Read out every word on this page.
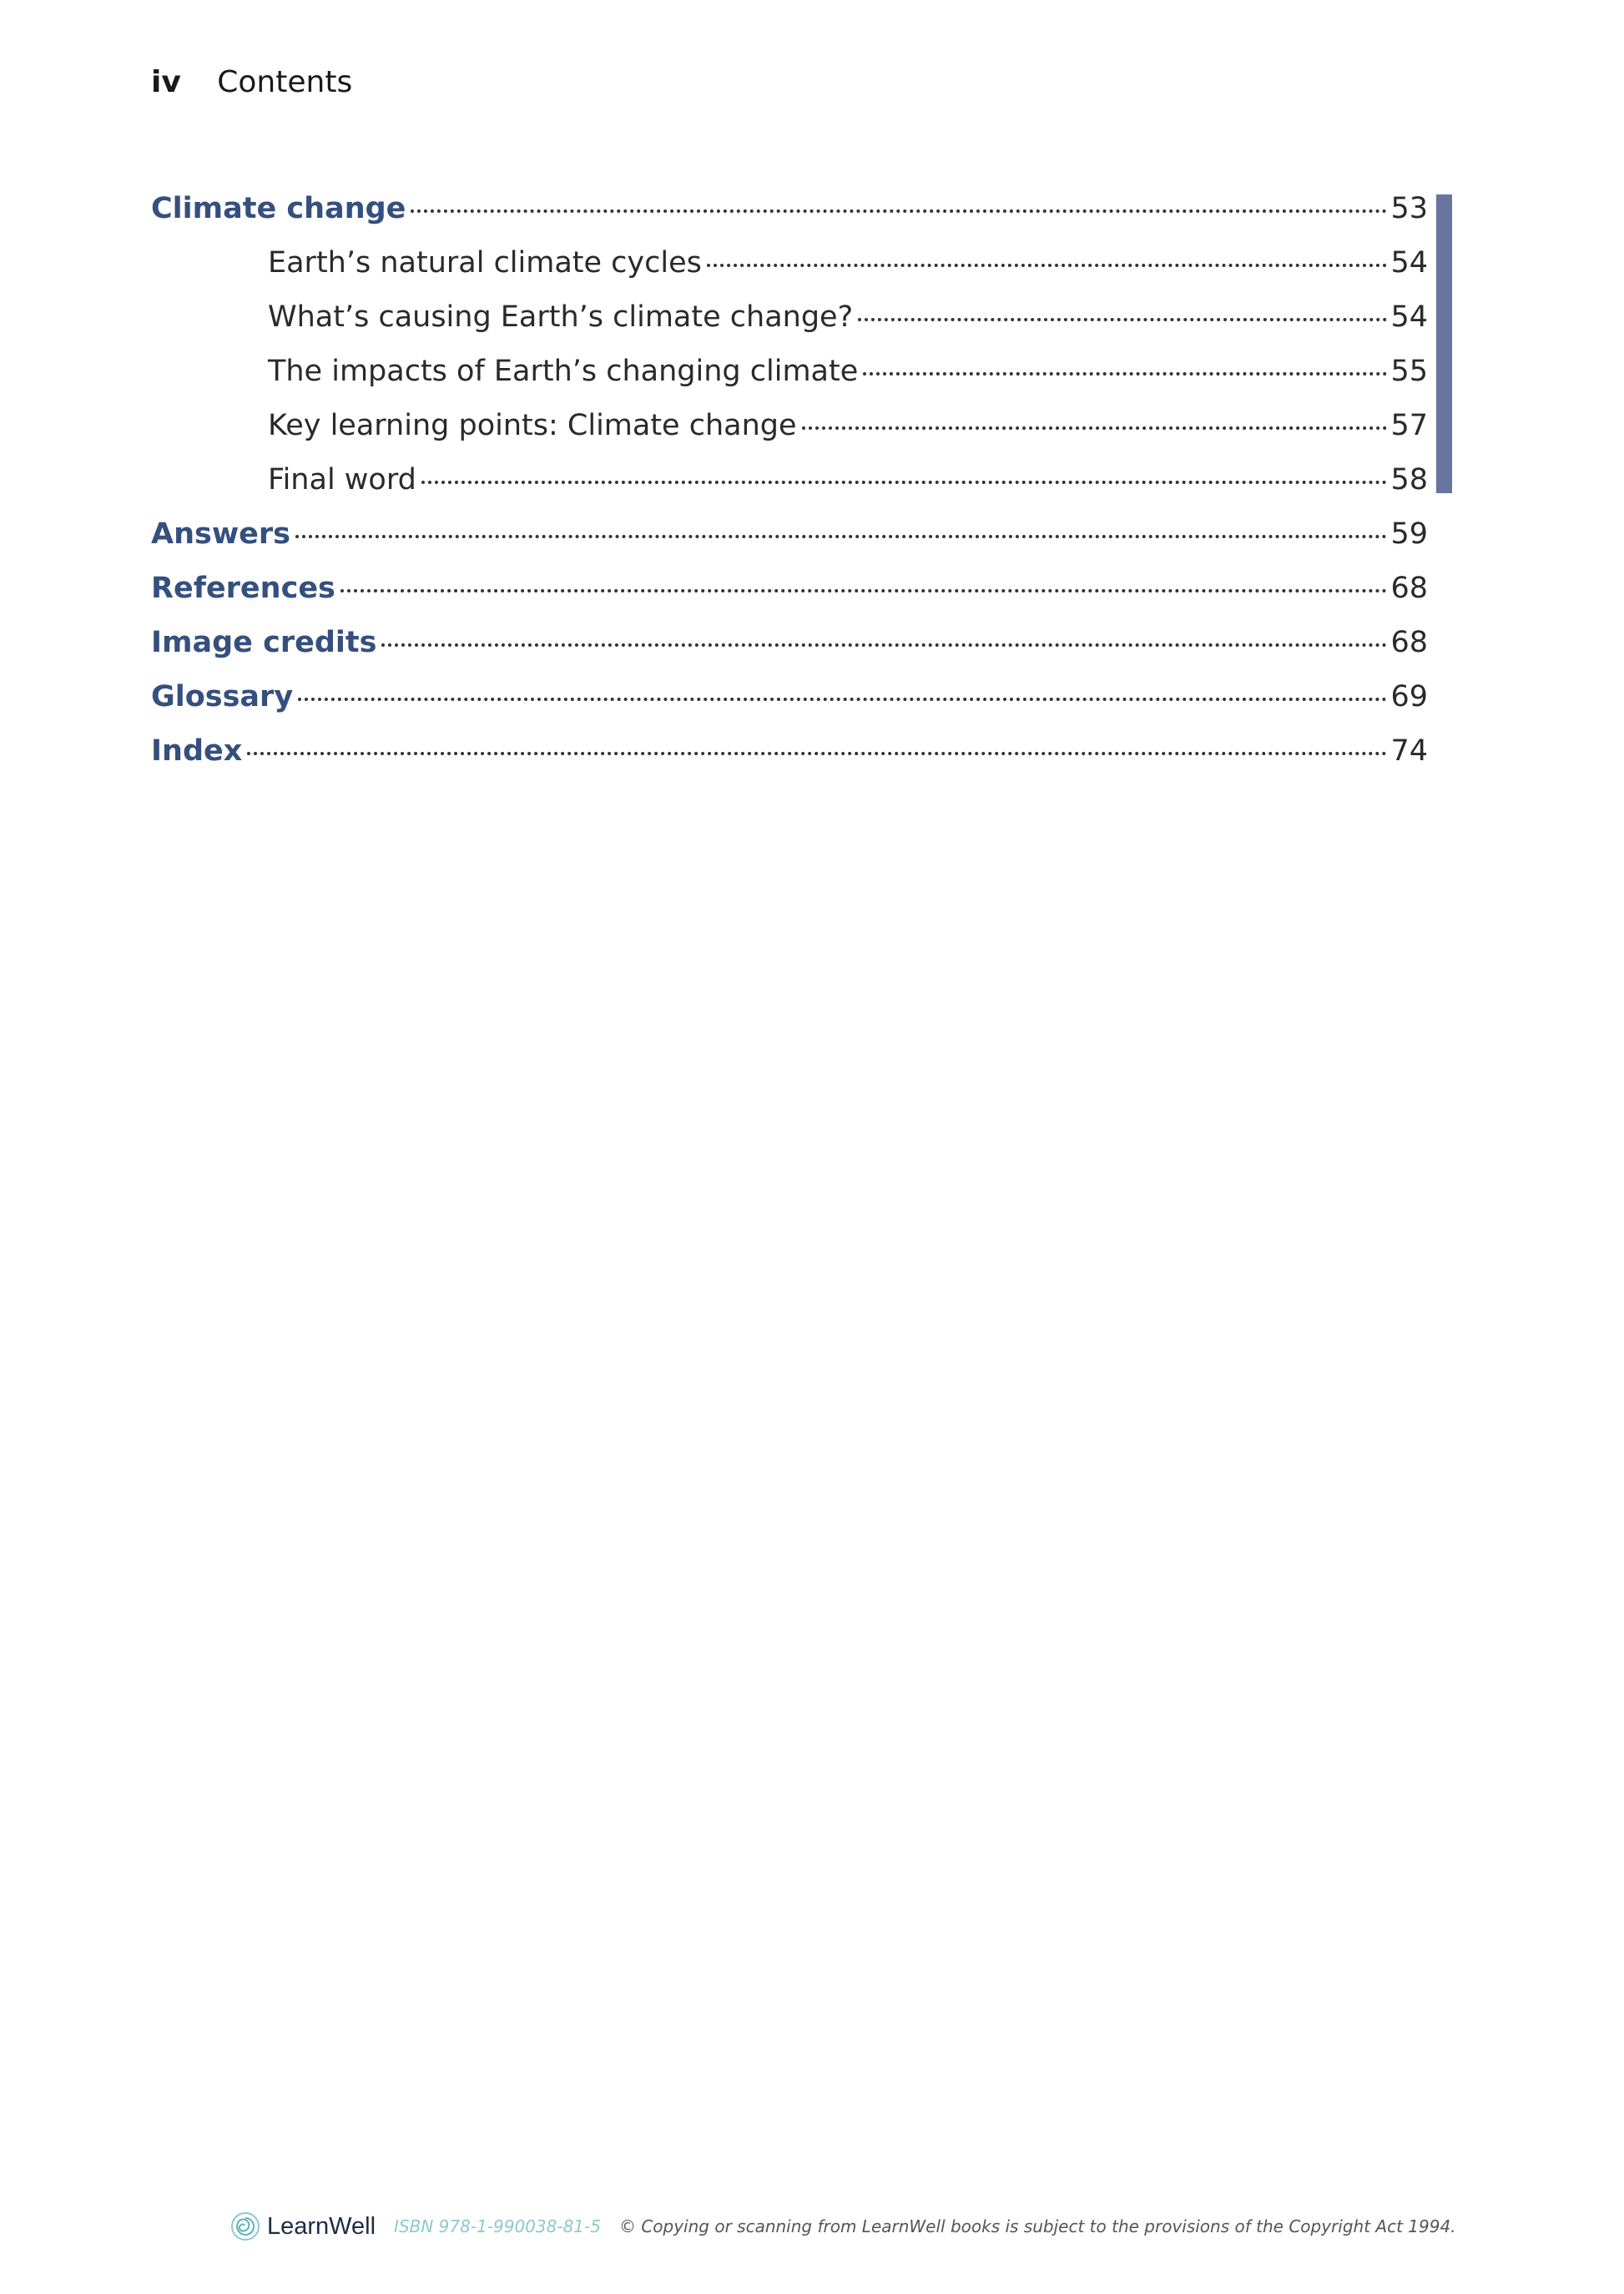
iv Contents
Climate change	53
Earth’s natural climate cycles	54
What’s causing Earth’s climate change?	54
The impacts of Earth’s changing climate	55
Key learning points: Climate change	57
Final word	58
Answers	59
References	68
Image credits	68
Glossary	69
Index	74
LearnWell ISBN 978-1-990038-81-5 © Copying or scanning from LearnWell books is subject to the provisions of the Copyright Act 1994.
